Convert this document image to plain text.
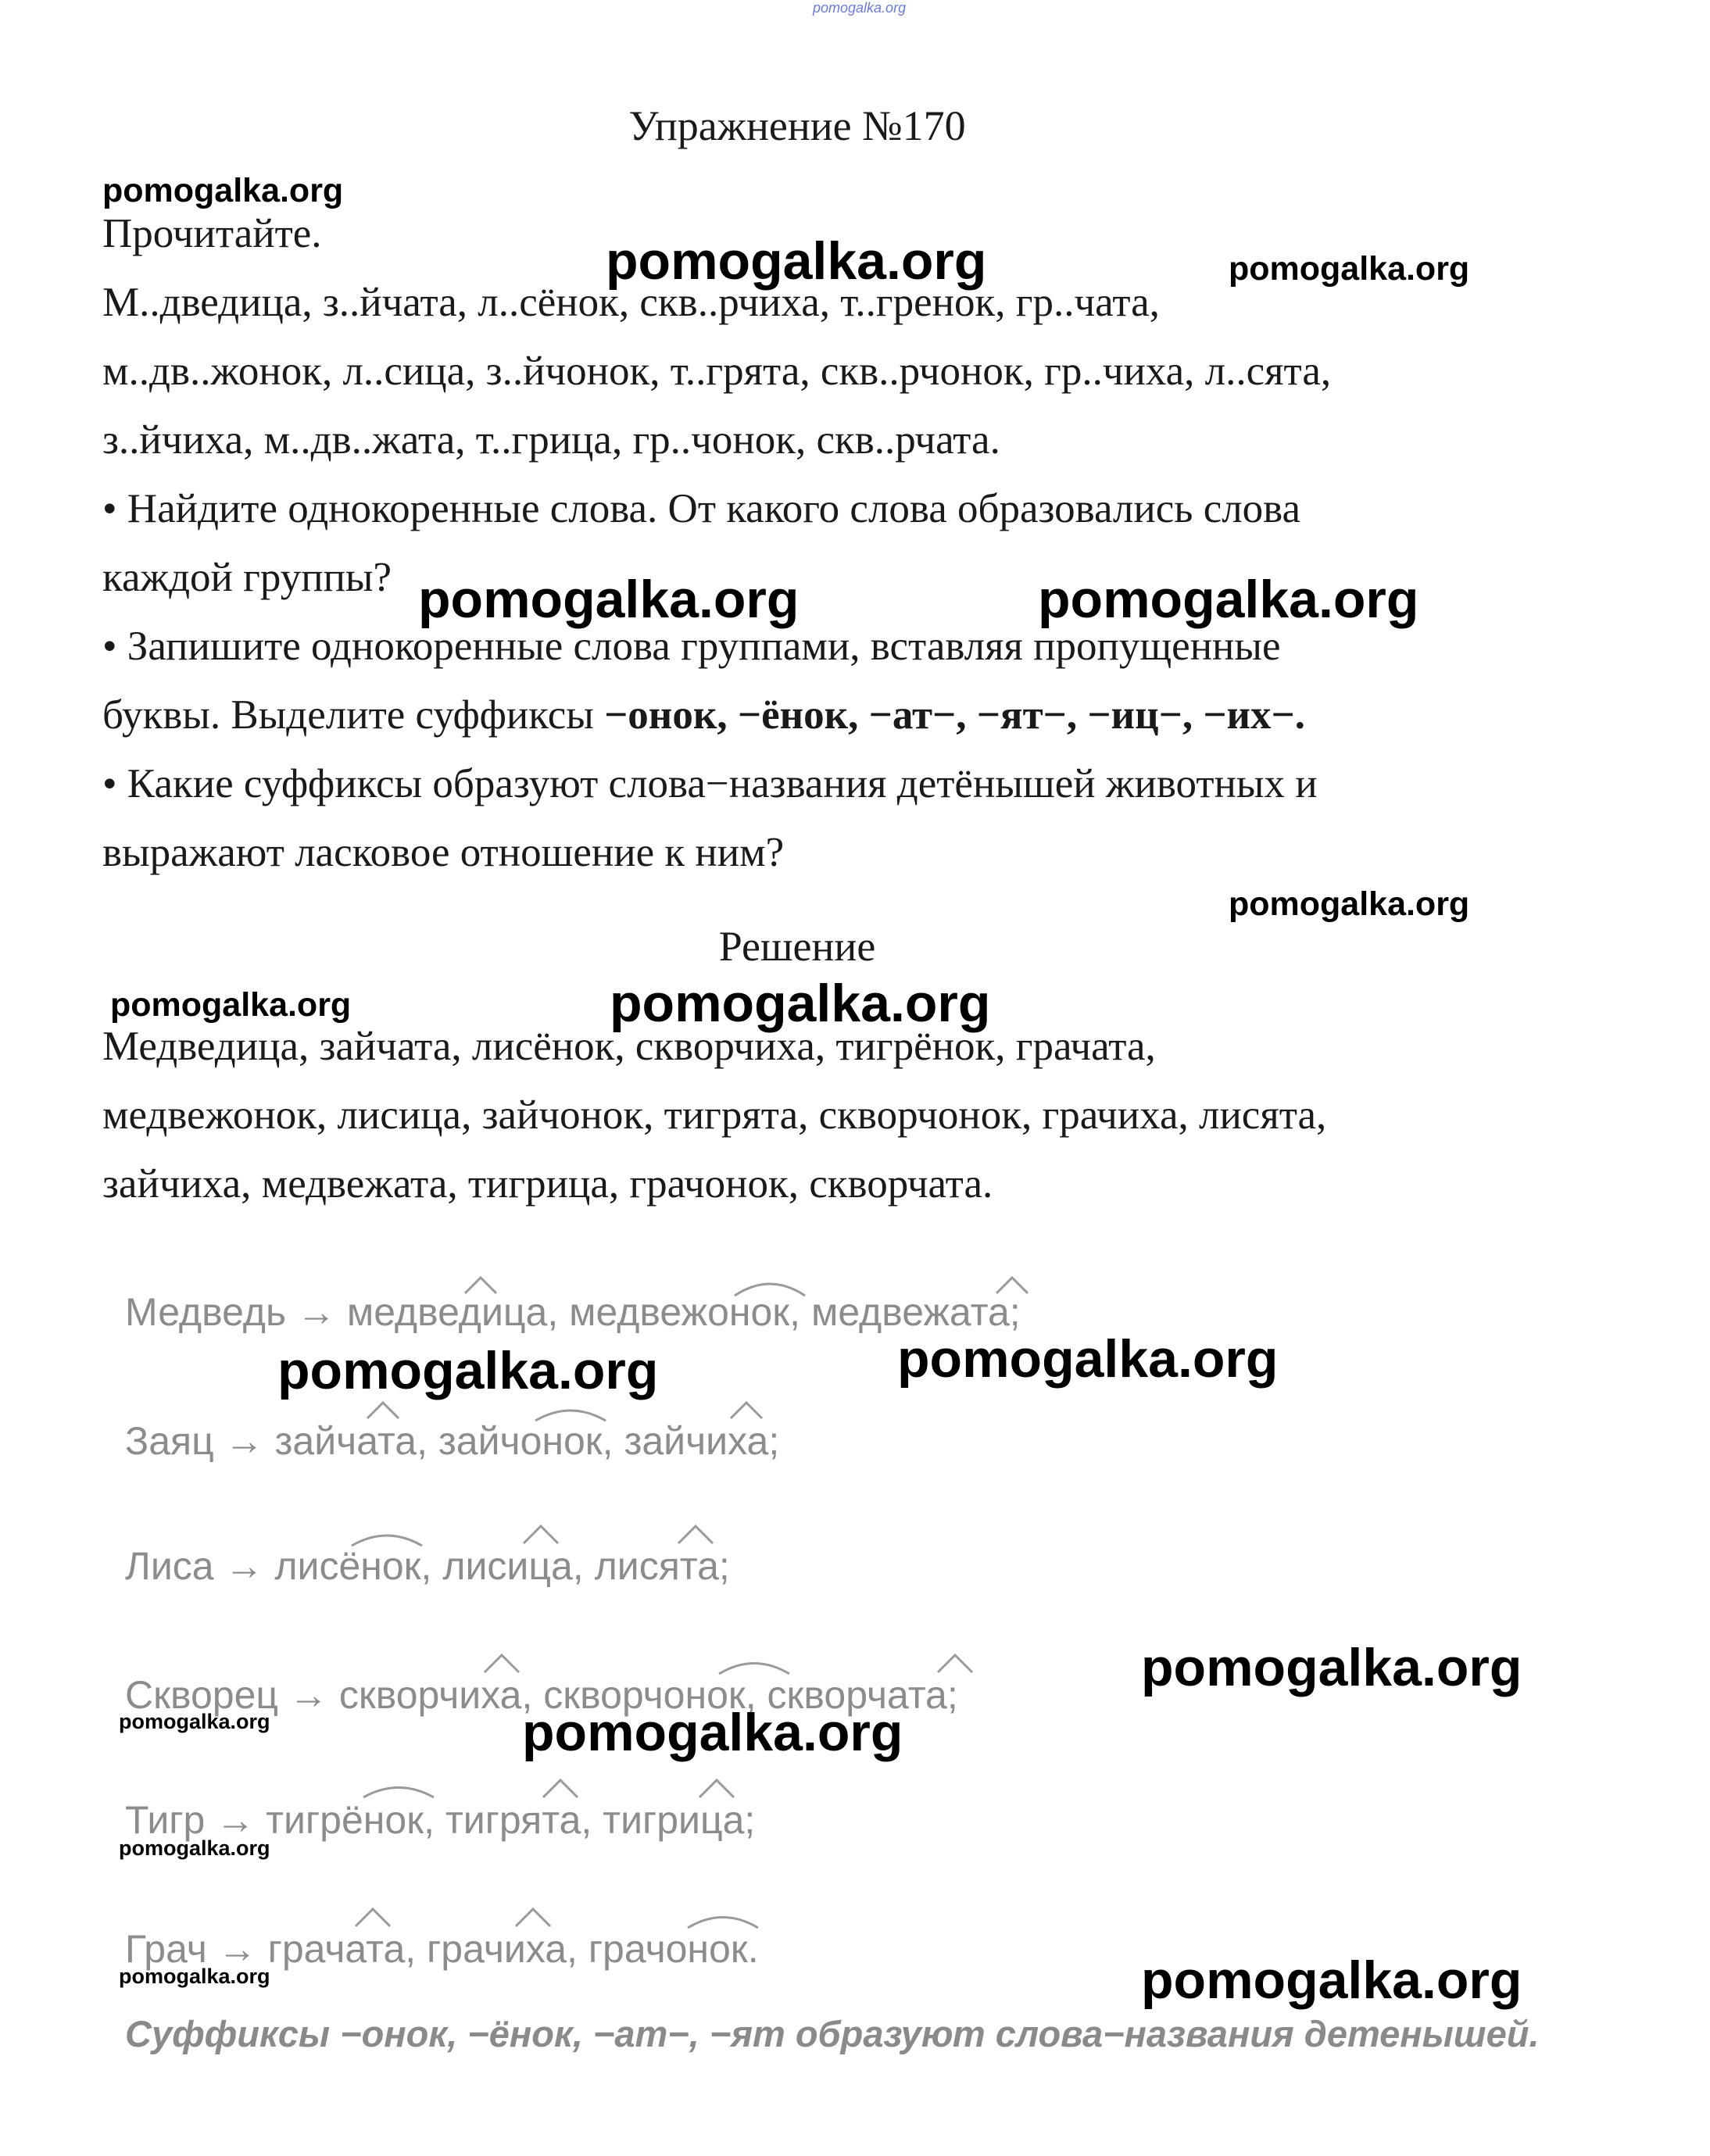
pomogalka.org
Упражнение №170
Прочитайте.
М..дведица, з..йчата, л..сёнок, скв..рчиха, т..гренок, гр..чата,
м..дв..жонок, л..сица, з..йчонок, т..грята, скв..рчонок, гр..чиха, л..сята,
з..йчиха, м..дв..жата, т..грица, гр..чонок, скв..рчата.
• Найдите однокоренные слова. От какого слова образовались слова
каждой группы?
• Запишите однокоренные слова группами, вставляя пропущенные
буквы. Выделите суффиксы −онок, −ёнок, −ат−, −ят−, −иц−, −их−.
• Какие суффиксы образуют слова−названия детёнышей животных и
выражают ласковое отношение к ним?
Решение
Медведица, зайчата, лисёнок, скворчиха, тигрёнок, грачата,
медвежонок, лисица, зайчонок, тигрята, скворчонок, грачиха, лисята,
зайчиха, медвежата, тигрица, грачонок, скворчата.
Медведь → медведица, медвежонок, медвежата;
Заяц → зайчата, зайчонок, зайчиха;
Лиса → лисёнок, лисица, лисята;
Скворец → скворчиха, скворчонок, скворчата;
Тигр → тигрёнок, тигрята, тигрица;
Грач → грачата, грачиха, грачонок.
Суффиксы −онок, −ёнок, −ат−, −ят образуют слова−названия детенышей.
pomogalka.org
pomogalka.org	pomogalka.org
pomogalka.org	pomogalka.org
pomogalka.org
pomogalka.org	pomogalka.org
pomogalka.org	pomogalka.org
pomogalka.org
pomogalka.org	pomogalka.org
pomogalka.org
pomogalka.org	pomogalka.org
